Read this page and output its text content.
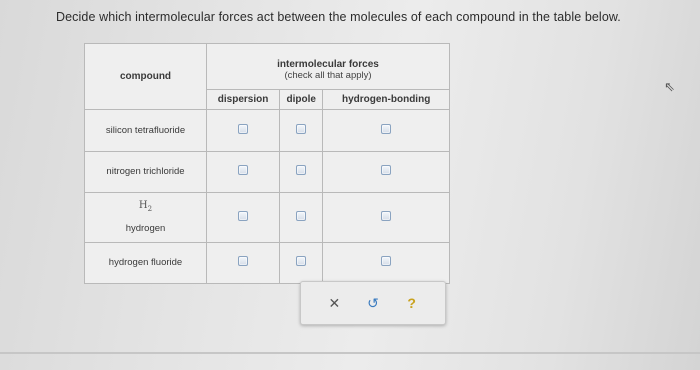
Decide which intermolecular forces act between the molecules of each compound in the table below.
compound	intermolecular forces
(check all that apply)		

	dispersion	dipole	hydrogen-bonding
silicon tetrafluoride			
nitrogen trichloride			

$H_2$
hydrogen			
hydrogen fluoride			
✕	↺	?
⇖
